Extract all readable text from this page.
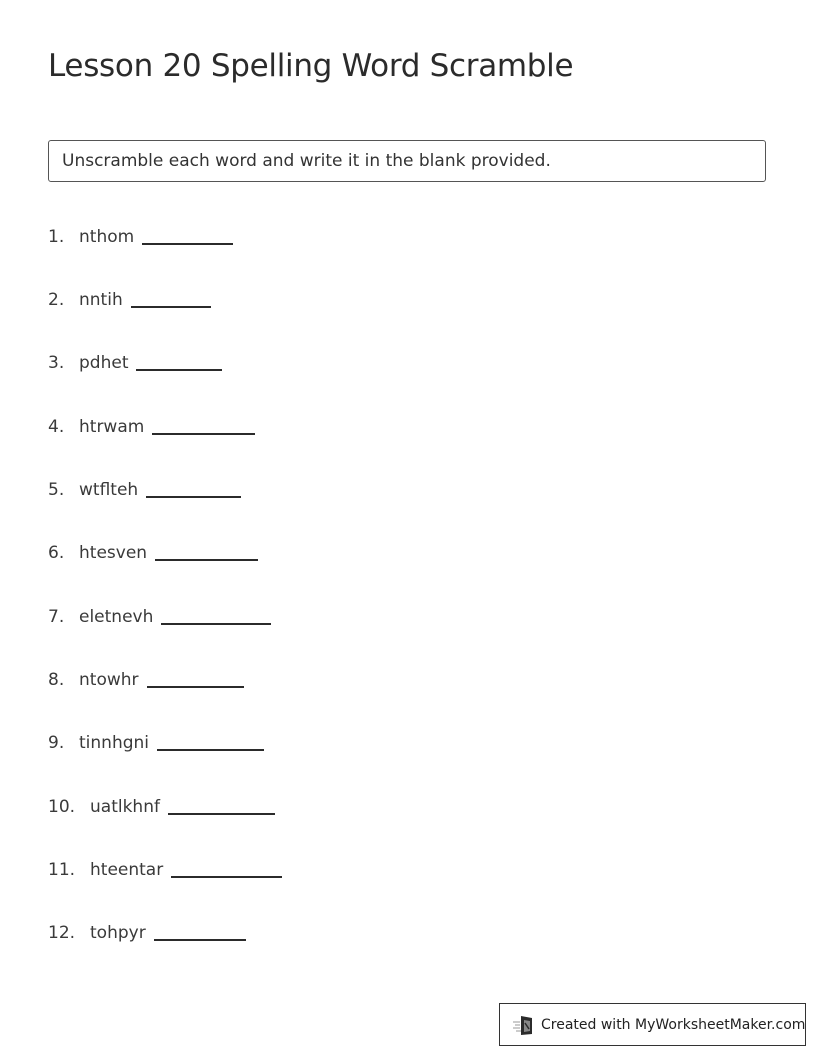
Lesson 20 Spelling Word Scramble
Unscramble each word and write it in the blank provided.
1. nthom
2. nntih
3. pdhet
4. htrwam
5. wtflteh
6. htesven
7. eletnevh
8. ntowhr
9. tinnhgni
10. uatlkhnf
11. hteentar
12. tohpyr
Created with MyWorksheetMaker.com
